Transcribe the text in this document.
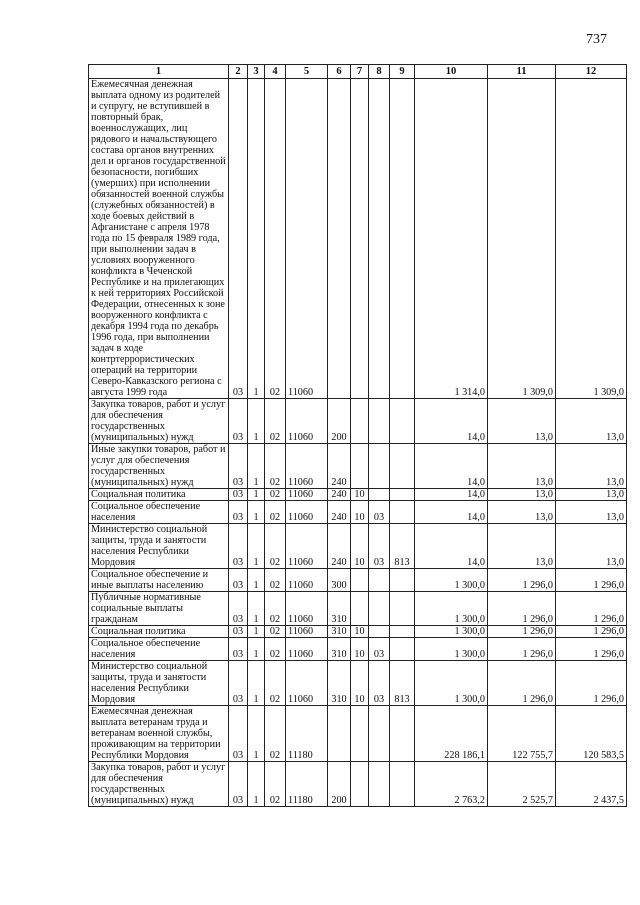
737
1	2	3	4	5	6	7	8	9	10	11	12
Ежемесячная денежная выплата одному из родителей и супругу, не вступившей в повторный брак, военнослужащих, лиц рядового и начальствующего состава органов внутренних дел и органов государственной безопасности, погибших (умерших) при исполнении обязанностей военной службы (служебных обязанностей) в ходе боевых действий в Афганистане с апреля 1978 года по 15 февраля 1989 года, при выполнении задач в условиях вооруженного конфликта в Чеченской Республике и на прилегающих к ней территориях Российской Федерации, отнесенных к зоне вооруженного конфликта с декабря 1994 года по декабрь 1996 года, при выполнении задач в ходе контртеррористических операций на территории Северо-Кавказского региона с августа 1999 года	03	1	02	11060					1 314,0	1 309,0	1 309,0
Закупка товаров, работ и услуг для обеспечения государственных (муниципальных) нужд	03	1	02	11060	200				14,0	13,0	13,0
Иные закупки товаров, работ и услуг для обеспечения государственных (муниципальных) нужд	03	1	02	11060	240				14,0	13,0	13,0
Социальная политика	03	1	02	11060	240	10			14,0	13,0	13,0
Социальное обеспечение населения	03	1	02	11060	240	10	03		14,0	13,0	13,0
Министерство социальной защиты, труда и занятости населения Республики Мордовия	03	1	02	11060	240	10	03	813	14,0	13,0	13,0
Социальное обеспечение и иные выплаты населению	03	1	02	11060	300				1 300,0	1 296,0	1 296,0
Публичные нормативные социальные выплаты гражданам	03	1	02	11060	310				1 300,0	1 296,0	1 296,0
Социальная политика	03	1	02	11060	310	10			1 300,0	1 296,0	1 296,0
Социальное обеспечение населения	03	1	02	11060	310	10	03		1 300,0	1 296,0	1 296,0
Министерство социальной защиты, труда и занятости населения Республики Мордовия	03	1	02	11060	310	10	03	813	1 300,0	1 296,0	1 296,0
Ежемесячная денежная выплата ветеранам труда и ветеранам военной службы, проживающим на территории Республики Мордовия	03	1	02	11180					228 186,1	122 755,7	120 583,5
Закупка товаров, работ и услуг для обеспечения государственных (муниципальных) нужд	03	1	02	11180	200				2 763,2	2 525,7	2 437,5
